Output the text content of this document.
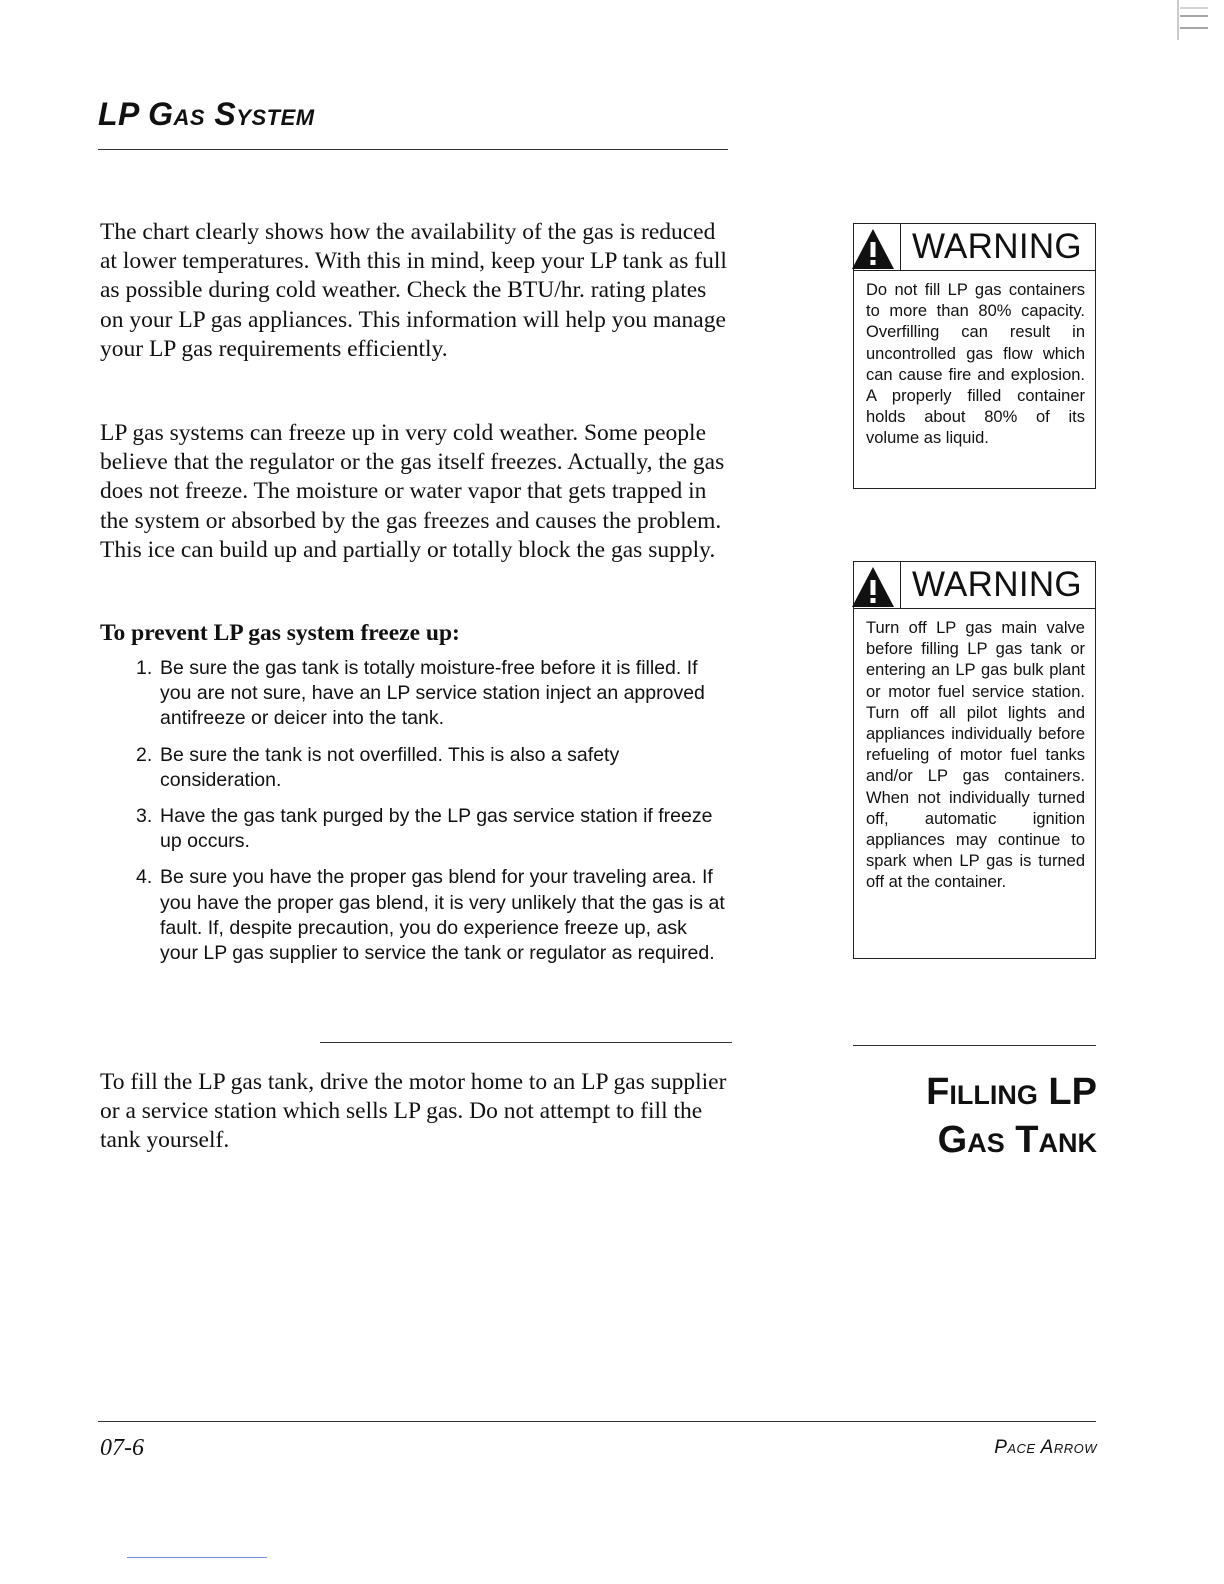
LP Gas System

The chart clearly shows how the availability of the gas is reduced at lower temperatures. With this in mind, keep your LP tank as full as possible during cold weather. Check the BTU/hr. rating plates on your LP gas appliances. This information will help you manage your LP gas requirements efficiently.

LP gas systems can freeze up in very cold weather. Some people believe that the regulator or the gas itself freezes. Actually, the gas does not freeze. The moisture or water vapor that gets trapped in the system or absorbed by the gas freezes and causes the problem. This ice can build up and partially or totally block the gas supply.

To prevent LP gas system freeze up:

1. Be sure the gas tank is totally moisture-free before it is filled. If you are not sure, have an LP service station inject an approved antifreeze or deicer into the tank.
2. Be sure the tank is not overfilled. This is also a safety consideration.
3. Have the gas tank purged by the LP gas service station if freeze up occurs.
4. Be sure you have the proper gas blend for your traveling area. If you have the proper gas blend, it is very unlikely that the gas is at fault. If, despite precaution, you do experience freeze up, ask your LP gas supplier to service the tank or regulator as required.

WARNING

Do not fill LP gas containers to more than 80% capacity. Overfilling can result in uncontrolled gas flow which can cause fire and explosion. A properly filled container holds about 80% of its volume as liquid.

WARNING

Turn off LP gas main valve before filling LP gas tank or entering an LP gas bulk plant or motor fuel service station. Turn off all pilot lights and appliances individually before refueling of motor fuel tanks and/or LP gas containers. When not individually turned off, automatic ignition appliances may continue to spark when LP gas is turned off at the container.

To fill the LP gas tank, drive the motor home to an LP gas supplier or a service station which sells LP gas. Do not attempt to fill the tank yourself.

Filling LP
Gas Tank
07-6	Pace Arrow
